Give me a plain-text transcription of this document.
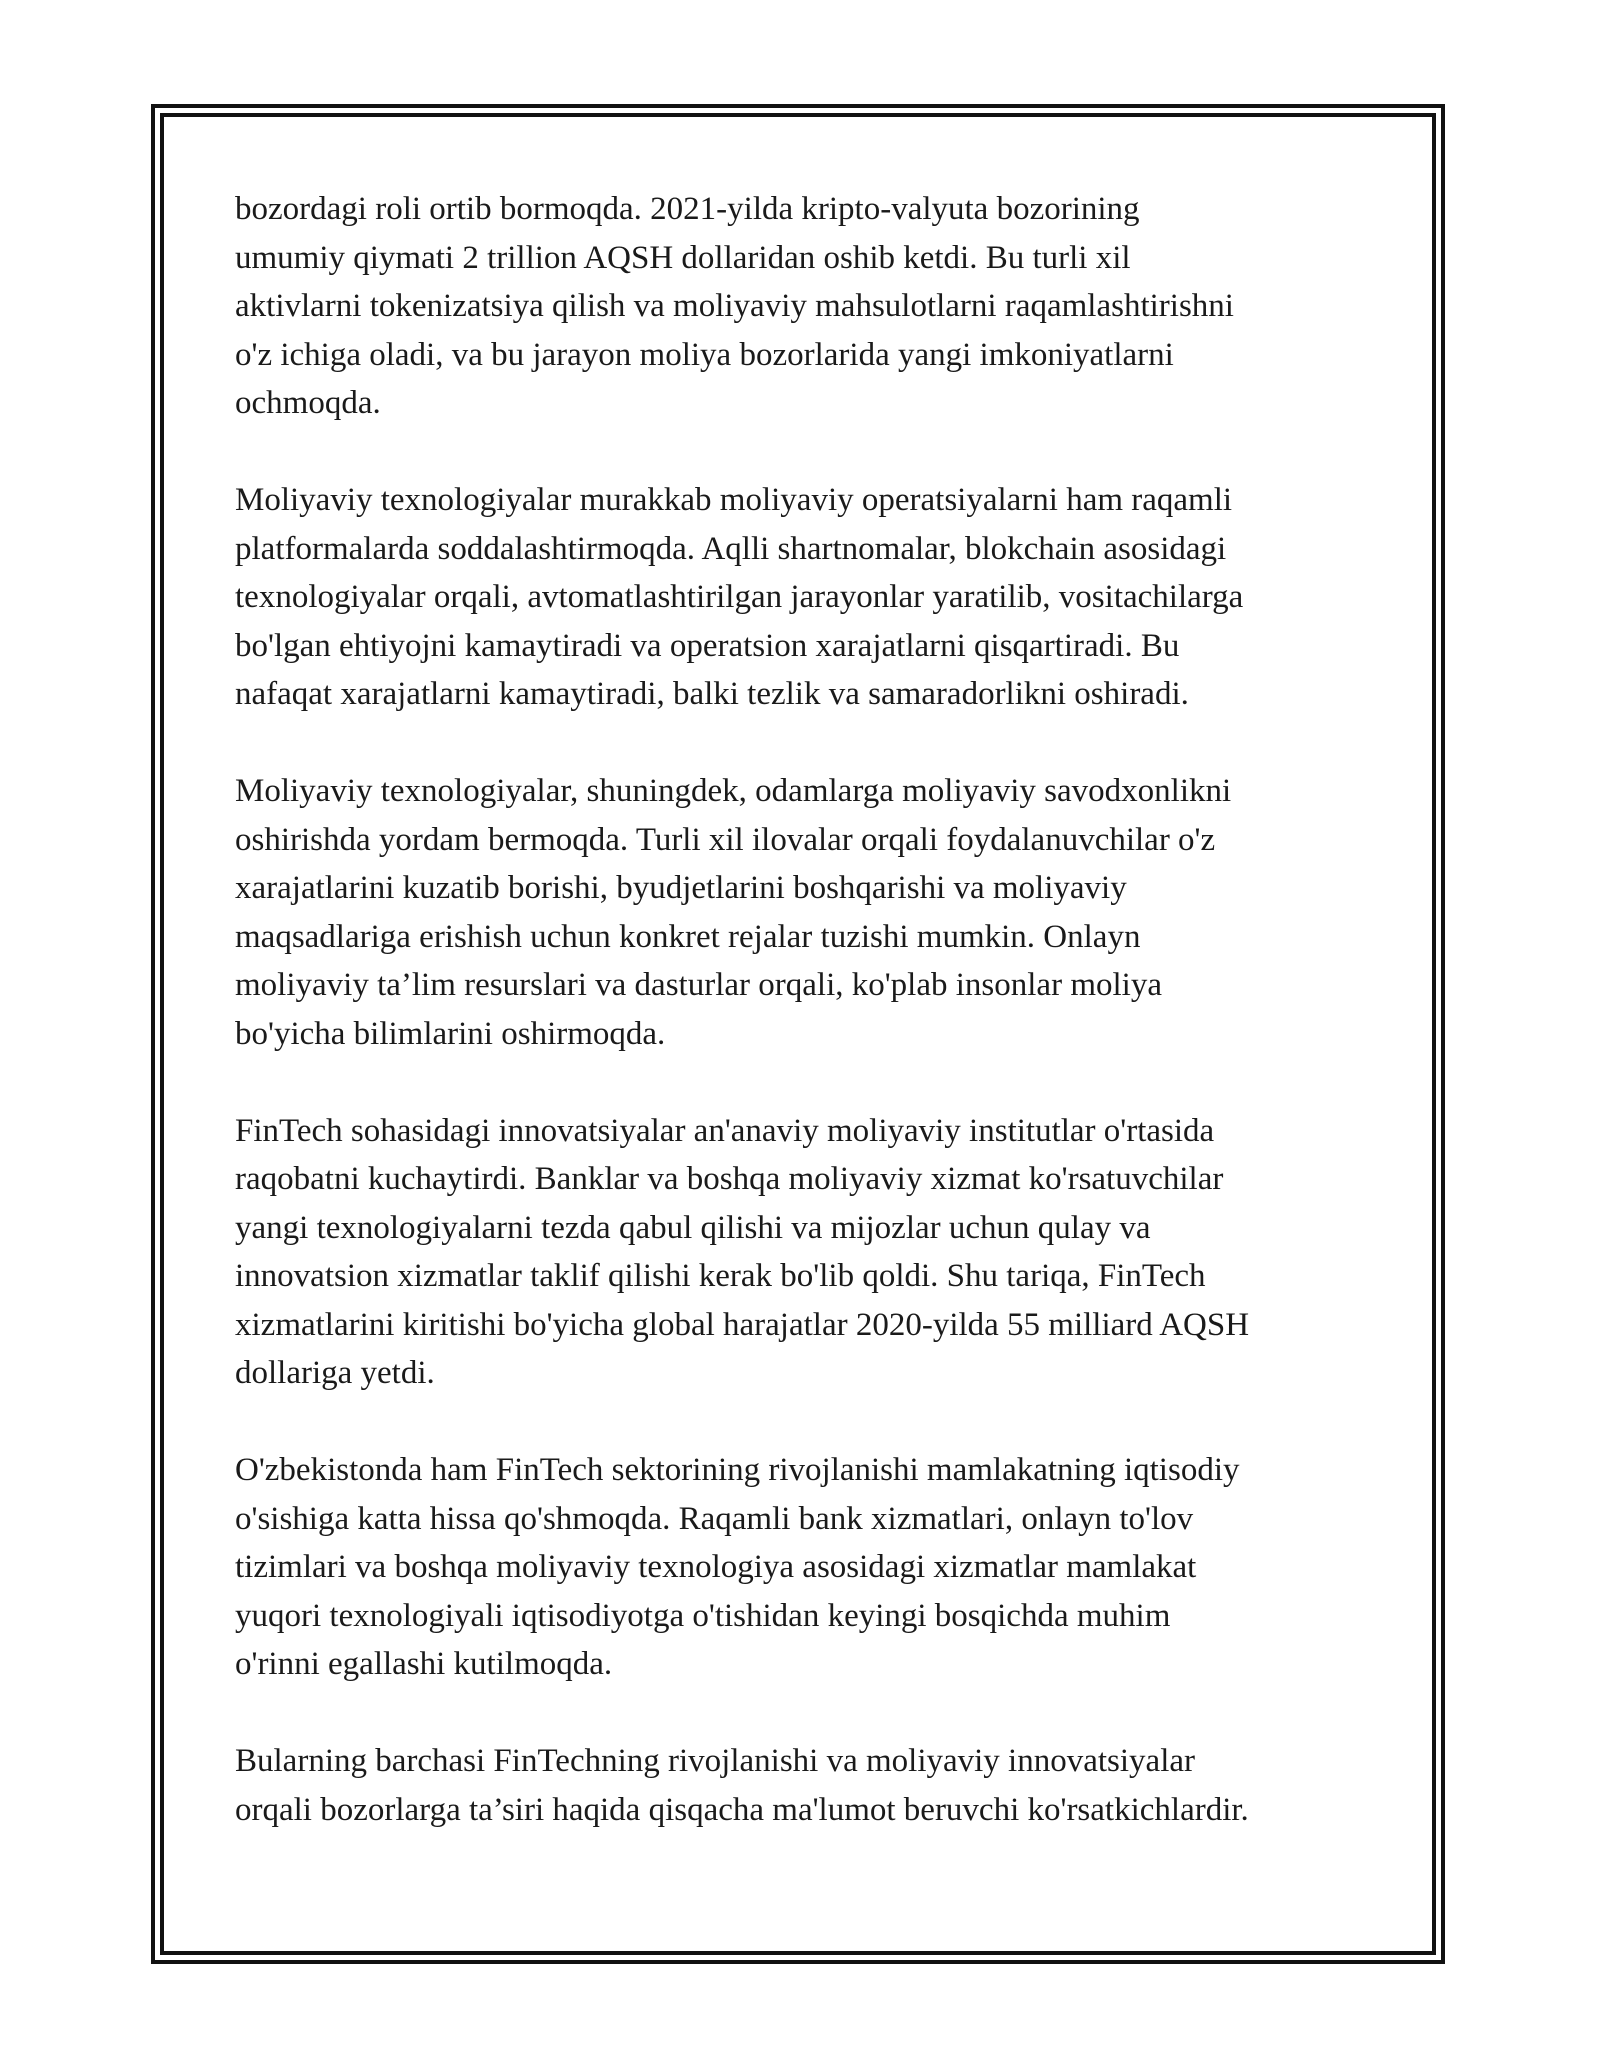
bozordagi roli ortib bormoqda. 2021-yilda kripto-valyuta bozorining
umumiy qiymati 2 trillion AQSH dollaridan oshib ketdi. Bu turli xil
aktivlarni tokenizatsiya qilish va moliyaviy mahsulotlarni raqamlashtirishni
o'z ichiga oladi, va bu jarayon moliya bozorlarida yangi imkoniyatlarni
ochmoqda.

Moliyaviy texnologiyalar murakkab moliyaviy operatsiyalarni ham raqamli
platformalarda soddalashtirmoqda. Aqlli shartnomalar, blokchain asosidagi
texnologiyalar orqali, avtomatlashtirilgan jarayonlar yaratilib, vositachilarga
bo'lgan ehtiyojni kamaytiradi va operatsion xarajatlarni qisqartiradi. Bu
nafaqat xarajatlarni kamaytiradi, balki tezlik va samaradorlikni oshiradi.

Moliyaviy texnologiyalar, shuningdek, odamlarga moliyaviy savodxonlikni
oshirishda yordam bermoqda. Turli xil ilovalar orqali foydalanuvchilar o'z
xarajatlarini kuzatib borishi, byudjetlarini boshqarishi va moliyaviy
maqsadlariga erishish uchun konkret rejalar tuzishi mumkin. Onlayn
moliyaviy ta’lim resurslari va dasturlar orqali, ko'plab insonlar moliya
bo'yicha bilimlarini oshirmoqda.

FinTech sohasidagi innovatsiyalar an'anaviy moliyaviy institutlar o'rtasida
raqobatni kuchaytirdi. Banklar va boshqa moliyaviy xizmat ko'rsatuvchilar
yangi texnologiyalarni tezda qabul qilishi va mijozlar uchun qulay va
innovatsion xizmatlar taklif qilishi kerak bo'lib qoldi. Shu tariqa, FinTech
xizmatlarini kiritishi bo'yicha global harajatlar 2020-yilda 55 milliard AQSH
dollariga yetdi.

O'zbekistonda ham FinTech sektorining rivojlanishi mamlakatning iqtisodiy
o'sishiga katta hissa qo'shmoqda. Raqamli bank xizmatlari, onlayn to'lov
tizimlari va boshqa moliyaviy texnologiya asosidagi xizmatlar mamlakat
yuqori texnologiyali iqtisodiyotga o'tishidan keyingi bosqichda muhim
o'rinni egallashi kutilmoqda.

Bularning barchasi FinTechning rivojlanishi va moliyaviy innovatsiyalar
orqali bozorlarga ta’siri haqida qisqacha ma'lumot beruvchi ko'rsatkichlardir.
